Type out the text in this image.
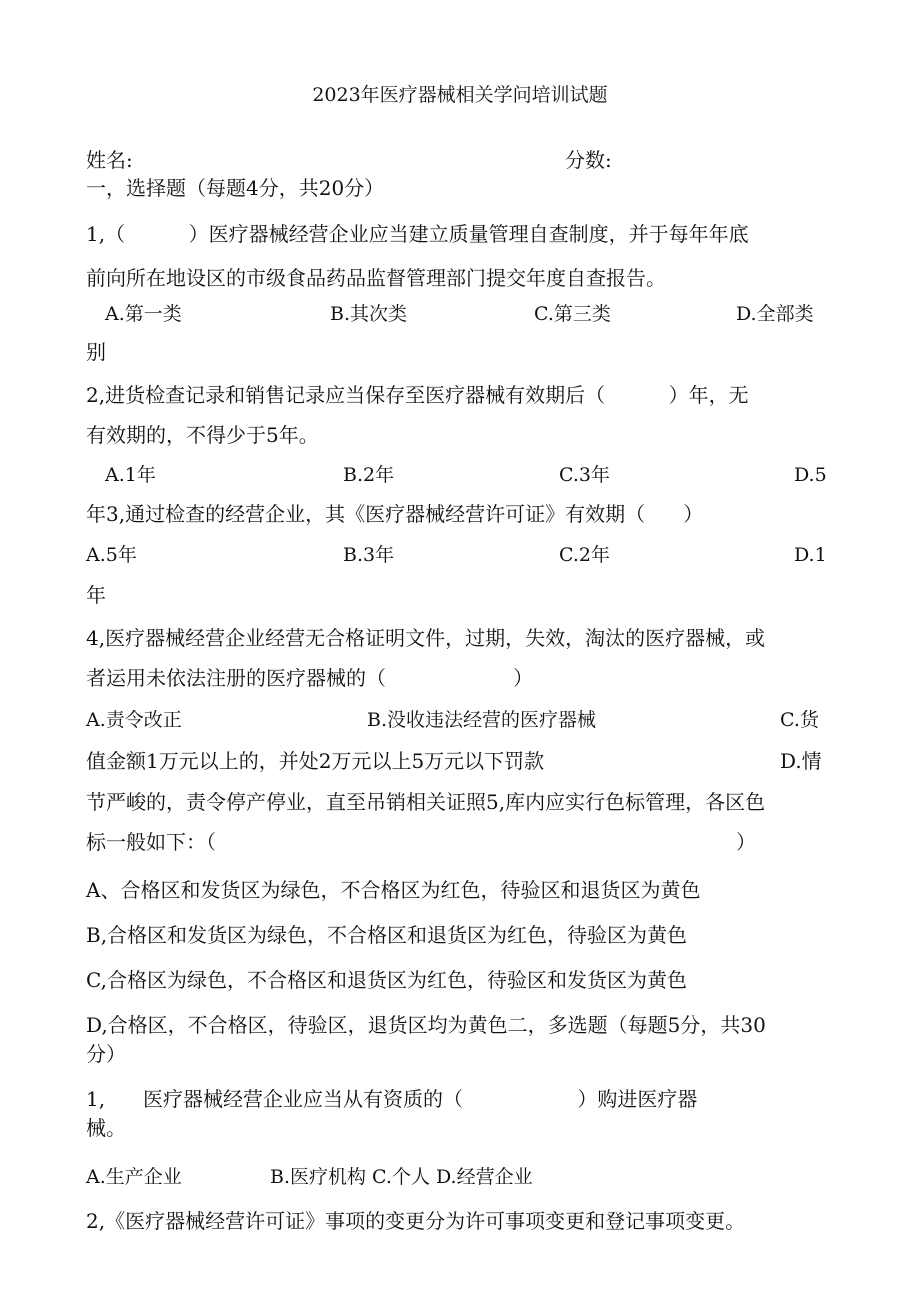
2023年医疗器械相关学问培训试题
姓名:	分数:
一，选择题（每题4分，共20分）
1,（          ）医疗器械经营企业应当建立质量管理自查制度，并于每年年底
前向所在地设区的市级食品药品监督管理部门提交年度自查报告。
A.第一类	B.其次类	C.第三类	D.全部类
别
2,进货检查记录和销售记录应当保存至医疗器械有效期后（          ）年，无
有效期的，不得少于5年。
A.1年	B.2年	C.3年	D.5
年3,通过检查的经营企业，其《医疗器械经营许可证》有效期（      ）
A.5年	B.3年	C.2年	D.1
年
4,医疗器械经营企业经营无合格证明文件，过期，失效，淘汰的医疗器械，或
者运用未依法注册的医疗器械的（                    ）
A.责令改正	B.没收违法经营的医疗器械	C.货
值金额1万元以上的，并处2万元以上5万元以下罚款	D.情
节严峻的，责令停产停业，直至吊销相关证照5,库内应实行色标管理，各区色
标一般如下：（	）
A、合格区和发货区为绿色，不合格区为红色，待验区和退货区为黄色
B,合格区和发货区为绿色，不合格区和退货区为红色，待验区为黄色
C,合格区为绿色，不合格区和退货区为红色，待验区和发货区为黄色
D,合格区，不合格区，待验区，退货区均为黄色二，多选题（每题5分，共30
分）
1, 医疗器械经营企业应当从有资质的（                  ）购进医疗器
械。
A.生产企业	B.医疗机构 C.个人 D.经营企业
2,《医疗器械经营许可证》事项的变更分为许可事项变更和登记事项变更。
